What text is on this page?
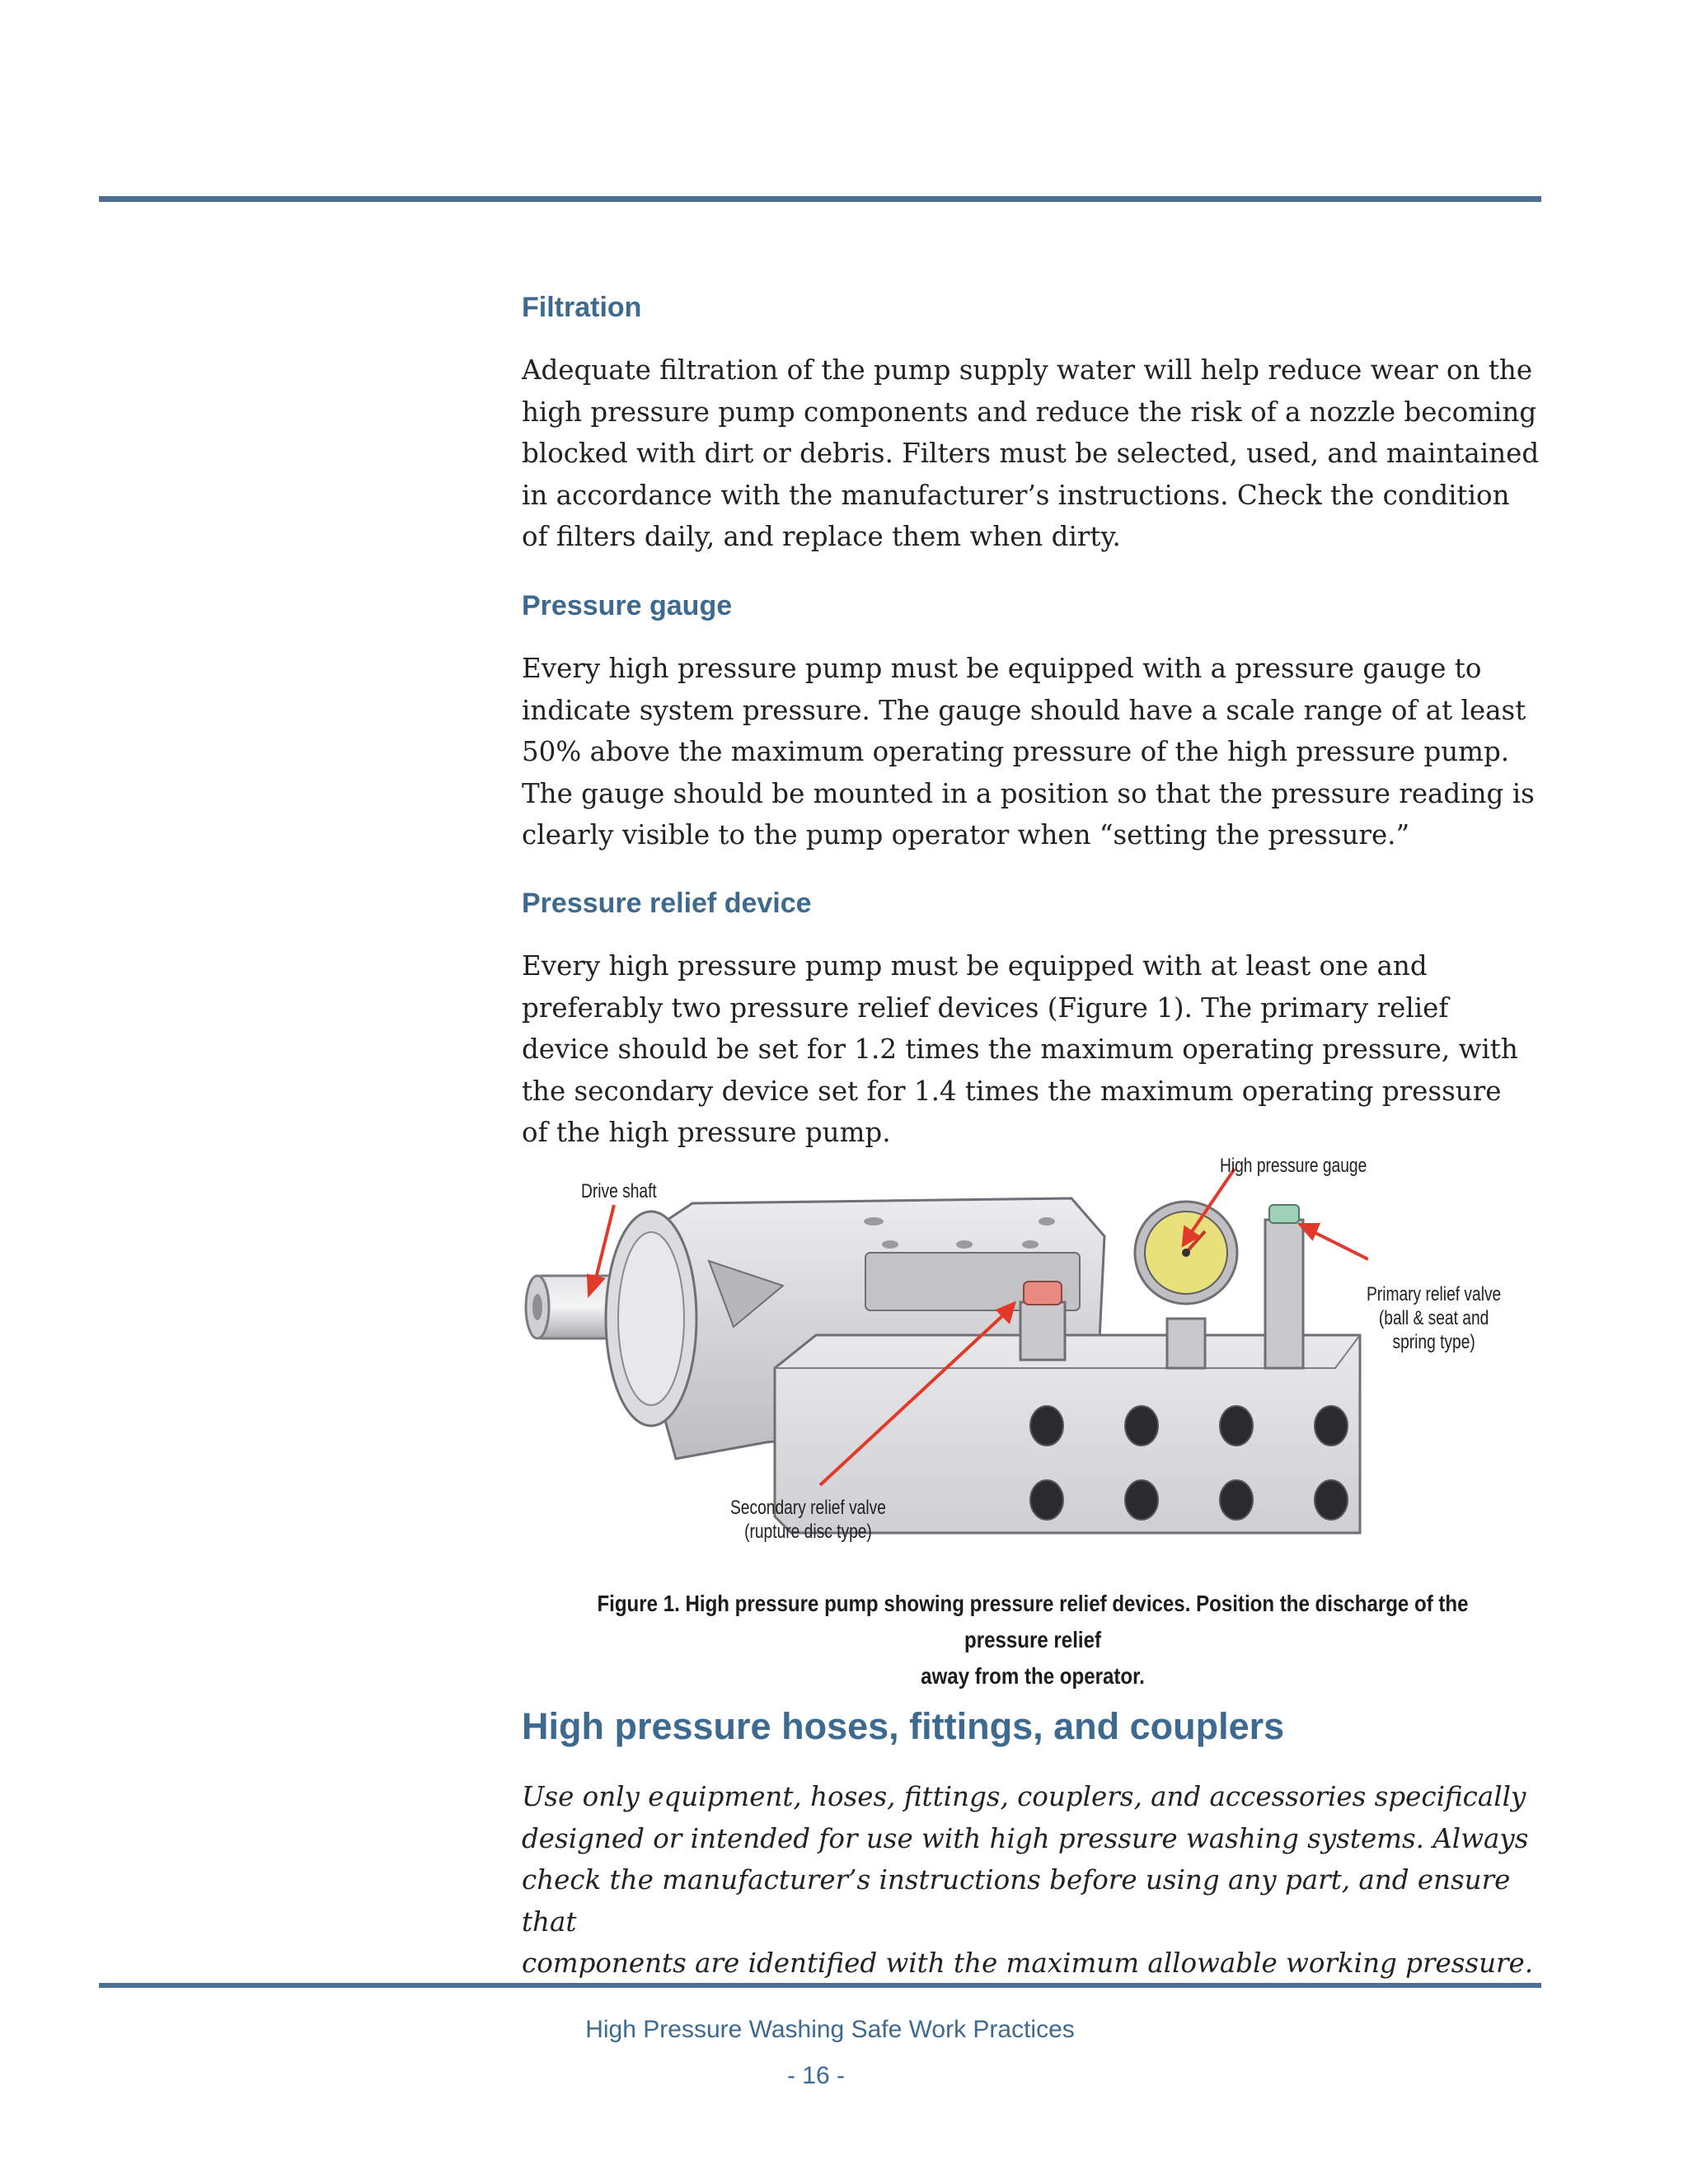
Filtration

Adequate filtration of the pump supply water will help reduce wear on the

high pressure pump components and reduce the risk of a nozzle becoming

blocked with dirt or debris. Filters must be selected, used, and maintained

in accordance with the manufacturer’s instructions. Check the condition

of filters daily, and replace them when dirty.

Pressure gauge

Every high pressure pump must be equipped with a pressure gauge to

indicate system pressure. The gauge should have a scale range of at least

50% above the maximum operating pressure of the high pressure pump.

The gauge should be mounted in a position so that the pressure reading is

clearly visible to the pump operator when “setting the pressure.”

Pressure relief device

Every high pressure pump must be equipped with at least one and

preferably two pressure relief devices (Figure 1). The primary relief

device should be set for 1.2 times the maximum operating pressure, with

the secondary device set for 1.4 times the maximum operating pressure

of the high pressure pump.

Drive shaft
High pressure gauge
Primary relief valve
(ball & seat and
spring type)
Secondary relief valve
(rupture disc type)
Figure 1. High pressure pump showing pressure relief devices. Position the discharge of the pressure relief
away from the operator.
High pressure hoses, fittings, and couplers

Use only equipment, hoses, fittings, couplers, and accessories specifically

designed or intended for use with high pressure washing systems. Always

check the manufacturer’s instructions before using any part, and ensure that

components are identified with the maximum allowable working pressure.

High Pressure Washing Safe Work Practices
- 16 -
